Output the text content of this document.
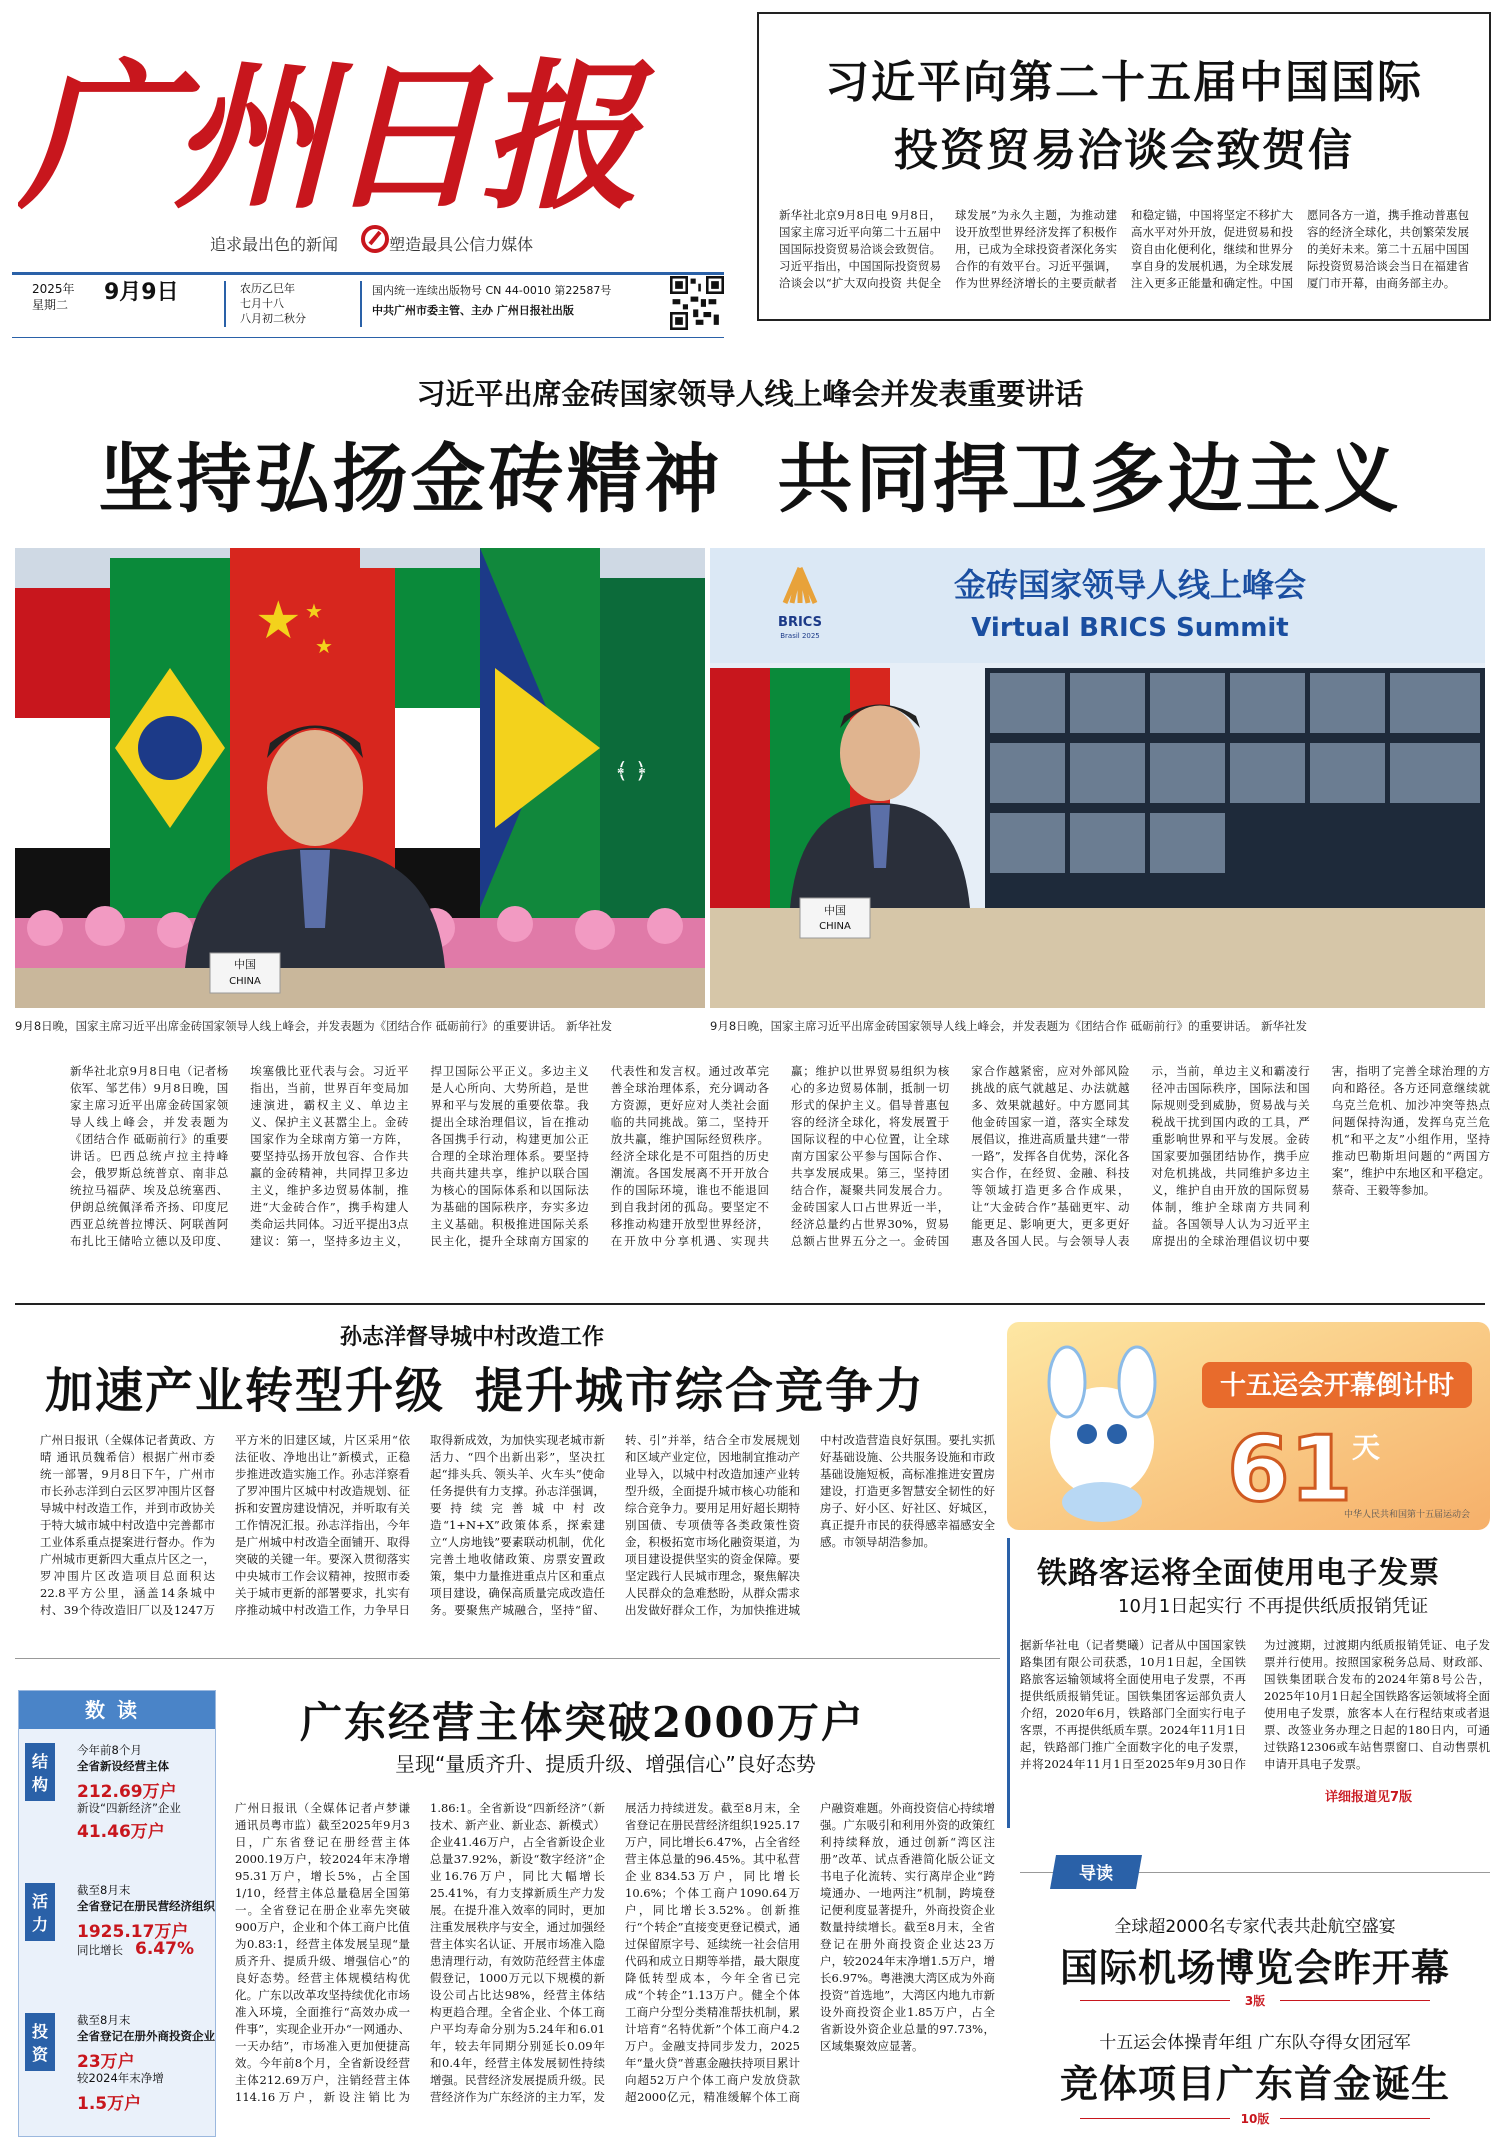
广州日报
追求最出色的新闻	塑造最具公信力媒体
2025年
星期二 9月9日	农历乙巳年
七月十八
八月初二秋分
国内统一连续出版物号 CN 44-0010 第22587号
中共广州市委主管、主办 广州日报社出版
习近平向第二十五届中国国际
投资贸易洽谈会致贺信
新华社北京9月8日电 9月8日，国家主席习近平向第二十五届中国国际投资贸易洽谈会致贺信。习近平指出，中国国际投资贸易洽谈会以“扩大双向投资 共促全球发展”为永久主题，为推动建设开放型世界经济发挥了积极作用，已成为全球投资者深化务实合作的有效平台。习近平强调，作为世界经济增长的主要贡献者和稳定锚，中国将坚定不移扩大高水平对外开放，促进贸易和投资自由化便利化，继续和世界分享自身的发展机遇，为全球发展注入更多正能量和确定性。中国愿同各方一道，携手推动普惠包容的经济全球化，共创繁荣发展的美好未来。第二十五届中国国际投资贸易洽谈会当日在福建省厦门市开幕，由商务部主办。
习近平出席金砖国家领导人线上峰会并发表重要讲话
坚持弘扬金砖精神 共同捍卫多边主义
★ ★
★
﴾ ﴿
中国
CHINA
BRICS
Brasil 2025
金砖国家领导人线上峰会
Virtual BRICS Summit
中国
CHINA
9月8日晚，国家主席习近平出席金砖国家领导人线上峰会，并发表题为《团结合作 砥砺前行》的重要讲话。 新华社发	9月8日晚，国家主席习近平出席金砖国家领导人线上峰会，并发表题为《团结合作 砥砺前行》的重要讲话。 新华社发
新华社北京9月8日电（记者杨依军、邹艺伟）9月8日晚，国家主席习近平出席金砖国家领导人线上峰会，并发表题为《团结合作 砥砺前行》的重要讲话。巴西总统卢拉主持峰会，俄罗斯总统普京、南非总统拉马福萨、埃及总统塞西、伊朗总统佩泽希齐扬、印度尼西亚总统普拉博沃、阿联酋阿布扎比王储哈立德以及印度、埃塞俄比亚代表与会。习近平指出，当前，世界百年变局加速演进，霸权主义、单边主义、保护主义甚嚣尘上。金砖国家作为全球南方第一方阵，要坚持弘扬开放包容、合作共赢的金砖精神，共同捍卫多边主义，维护多边贸易体制，推进“大金砖合作”，携手构建人类命运共同体。习近平提出3点建议：第一，坚持多边主义，捍卫国际公平正义。多边主义是人心所向、大势所趋，是世界和平与发展的重要依靠。我提出全球治理倡议，旨在推动各国携手行动，构建更加公正合理的全球治理体系。要坚持共商共建共享，维护以联合国为核心的国际体系和以国际法为基础的国际秩序，夯实多边主义基础。积极推进国际关系民主化，提升全球南方国家的代表性和发言权。通过改革完善全球治理体系，充分调动各方资源，更好应对人类社会面临的共同挑战。第二，坚持开放共赢，维护国际经贸秩序。经济全球化是不可阻挡的历史潮流。各国发展离不开开放合作的国际环境，谁也不能退回到自我封闭的孤岛。要坚定不移推动构建开放型世界经济，在开放中分享机遇、实现共赢；维护以世界贸易组织为核心的多边贸易体制，抵制一切形式的保护主义。倡导普惠包容的经济全球化，将发展置于国际议程的中心位置，让全球南方国家公平参与国际合作、共享发展成果。第三，坚持团结合作，凝聚共同发展合力。金砖国家人口占世界近一半，经济总量约占世界30%，贸易总额占世界五分之一。金砖国家合作越紧密，应对外部风险挑战的底气就越足、办法就越多、效果就越好。中方愿同其他金砖国家一道，落实全球发展倡议，推进高质量共建“一带一路”，发挥各自优势，深化各实合作，在经贸、金融、科技等领域打造更多合作成果，让“大金砖合作”基础更牢、动能更足、影响更大，更多更好惠及各国人民。与会领导人表示，当前，单边主义和霸凌行径冲击国际秩序，国际法和国际规则受到威胁，贸易战与关税战干扰到国内政的工具，严重影响世界和平与发展。金砖国家要加强团结协作，携手应对危机挑战，共同维护多边主义，维护自由开放的国际贸易体制，维护全球南方共同利益。各国领导人认为习近平主席提出的全球治理倡议切中要害，指明了完善全球治理的方向和路径。各方还同意继续就乌克兰危机、加沙冲突等热点问题保持沟通，发挥乌克兰危机“和平之友”小组作用，坚持推动巴勒斯坦问题的“两国方案”，维护中东地区和平稳定。蔡奇、王毅等参加。
孙志洋督导城中村改造工作
加速产业转型升级 提升城市综合竞争力
广州日报讯（全媒体记者黄政、方晴 通讯员魏希信）根据广州市委统一部署，9月8日下午，广州市市长孙志洋到白云区罗冲围片区督导城中村改造工作，并到市政协关于特大城市城中村改造中完善都市工业体系重点提案进行督办。作为广州城市更新四大重点片区之一，罗冲围片区改造项目总面积达22.8平方公里，涵盖14条城中村、39个待改造旧厂以及1247万平方米的旧建区域，片区采用“依法征收、净地出让”新模式，正稳步推进改造实施工作。孙志洋察看了罗冲围片区城中村改造规划、征拆和安置房建设情况，并听取有关工作情况汇报。孙志洋指出，今年是广州城中村改造全面铺开、取得突破的关键一年。要深入贯彻落实中央城市工作会议精神，按照市委关于城市更新的部署要求，扎实有序推动城中村改造工作，力争早日取得新成效，为加快实现老城市新活力、“四个出新出彩”，坚决扛起“排头兵、领头羊、火车头”使命任务提供有力支撑。孙志洋强调，要持续完善城中村改造“1+N+X”政策体系，探索建立“人房地钱”要素联动机制，优化完善土地收储政策、房票安置政策，集中力量推进重点片区和重点项目建设，确保高质量完成改造任务。要聚焦产城融合，坚持“留、转、引”并举，结合全市发展规划和区域产业定位，因地制宜推动产业导入，以城中村改造加速产业转型升级，全面提升城市核心功能和综合竞争力。要用足用好超长期特别国债、专项债等各类政策性资金，积极拓宽市场化融资渠道，为项目建设提供坚实的资金保障。要坚定践行人民城市理念，聚焦解决人民群众的急难愁盼，从群众需求出发做好群众工作，为加快推进城中村改造营造良好氛围。要扎实抓好基础设施、公共服务设施和市政基础设施短板，高标准推进安置房建设，打造更多智慧安全韧性的好房子、好小区、好社区、好城区，真正提升市民的获得感幸福感安全感。市领导胡浩参加。
十五运会开幕倒计时
61 天
中华人民共和国第十五届运动会
铁路客运将全面使用电子发票
10月1日起实行 不再提供纸质报销凭证
据新华社电（记者樊曦）记者从中国国家铁路集团有限公司获悉，10月1日起，全国铁路旅客运输领域将全面使用电子发票，不再提供纸质报销凭证。国铁集团客运部负责人介绍，2020年6月，铁路部门全面实行电子客票，不再提供纸质车票。2024年11月1日起，铁路部门推广全面数字化的电子发票，并将2024年11月1日至2025年9月30日作为过渡期，过渡期内纸质报销凭证、电子发票并行使用。按照国家税务总局、财政部、国铁集团联合发布的2024年第8号公告，2025年10月1日起全国铁路客运领域将全面使用电子发票，旅客本人在行程结束或者退票、改签业务办理之日起的180日内，可通过铁路12306或车站售票窗口、自动售票机申请开具电子发票。
详细报道见7版
数读
结构
今年前8个月
全省新设经营主体
212.69万户
新设“四新经济”企业
41.46万户
活力
截至8月末
全省登记在册民营经济组织
1925.17万户
同比增长 6.47%
投资
截至8月末
全省登记在册外商投资企业
23万户
较2024年末净增
1.5万户
广东经营主体突破2000万户
呈现“量质齐升、提质升级、增强信心”良好态势
广州日报讯（全媒体记者卢梦谦 通讯员粤市监）截至2025年9月3日，广东省登记在册经营主体2000.19万户，较2024年末净增95.31万户，增长5%，占全国1/10，经营主体总量稳居全国第一。全省登记在册企业率先突破900万户，企业和个体工商户比值为0.83:1，经营主体发展呈现“量质齐升、提质升级、增强信心”的良好态势。经营主体规模结构优化。广东以改革攻坚持续优化市场准入环境，全面推行“高效办成一件事”，实现企业开办“一网通办、一天办结”，市场准入更加便捷高效。今年前8个月，全省新设经营主体212.69万户，注销经营主体114.16万户，新设注销比为1.86:1。全省新设“四新经济”（新技术、新产业、新业态、新模式）企业41.46万户，占全省新设企业总量37.92%，新设“数字经济”企业16.76万户，同比大幅增长25.41%，有力支撑新质生产力发展。在提升准入效率的同时，更加注重发展秩序与安全，通过加强经营主体实名认证、开展市场准入隐患清理行动，有效防范经营主体虚假登记，1000万元以下规模的新设公司占比达98%，经营主体结构更趋合理。全省企业、个体工商户平均寿命分别为5.24年和6.01年，较去年同期分别延长0.09年和0.4年，经营主体发展韧性持续增强。民营经济发展提质升级。民营经济作为广东经济的主力军，发展活力持续迸发。截至8月末，全省登记在册民营经济组织1925.17万户，同比增长6.47%，占全省经营主体总量的96.45%。其中私营企业834.53万户，同比增长10.6%；个体工商户1090.64万户，同比增长3.52%。创新推行“个转企”直接变更登记模式，通过保留原字号、延续统一社会信用代码和成立日期等举措，最大限度降低转型成本，今年全省已完成“个转企”1.13万户。健全个体工商户分型分类精准帮扶机制，累计培育“名特优新”个体工商户4.2万户。金融支持同步发力，2025年“量火贷”普惠金融扶持项目累计向超52万户个体工商户发放贷款超2000亿元，精准缓解个体工商户融资难题。外商投资信心持续增强。广东吸引和利用外资的政策红利持续释放，通过创新“湾区注册”改革、试点香港简化版公证文书电子化流转、实行离岸企业“跨境通办、一地两注”机制，跨境登记便利度显著提升，外商投资企业数量持续增长。截至8月末，全省登记在册外商投资企业达23万户，较2024年末净增1.5万户，增长6.97%。粤港澳大湾区成为外商投资“首选地”，大湾区内地九市新设外商投资企业1.85万户，占全省新设外资企业总量的97.73%，区域集聚效应显著。
导读
全球超2000名专家代表共赴航空盛宴
国际机场博览会昨开幕
3版
十五运会体操青年组 广东队夺得女团冠军
竞体项目广东首金诞生
10版
